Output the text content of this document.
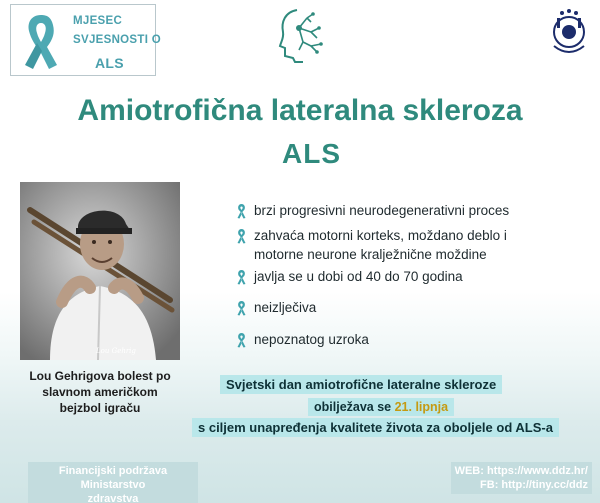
MJESEC
SVJESNOSTI O
ALS
Amiotrofična lateralna skleroza
ALS
Lou Gehrig
Lou Gehrigova bolest po
slavnom američkom
bejzbol igraču
brzi progresivni neurodegenerativni proces
zahvaća motorni korteks, moždano deblo i
motorne neurone kralježnične moždine
javlja se u dobi od 40 do 70 godina
neizlječiva
nepoznatog uzroka
Svjetski dan amiotrofične lateralne skleroze
obilježava se 21. lipnja
s ciljem unapređenja kvalitete života za oboljele od ALS-a
Financijski podržava Ministarstvo
zdravstva
WEB: https://www.ddz.hr/
FB: http://tiny.cc/ddz
